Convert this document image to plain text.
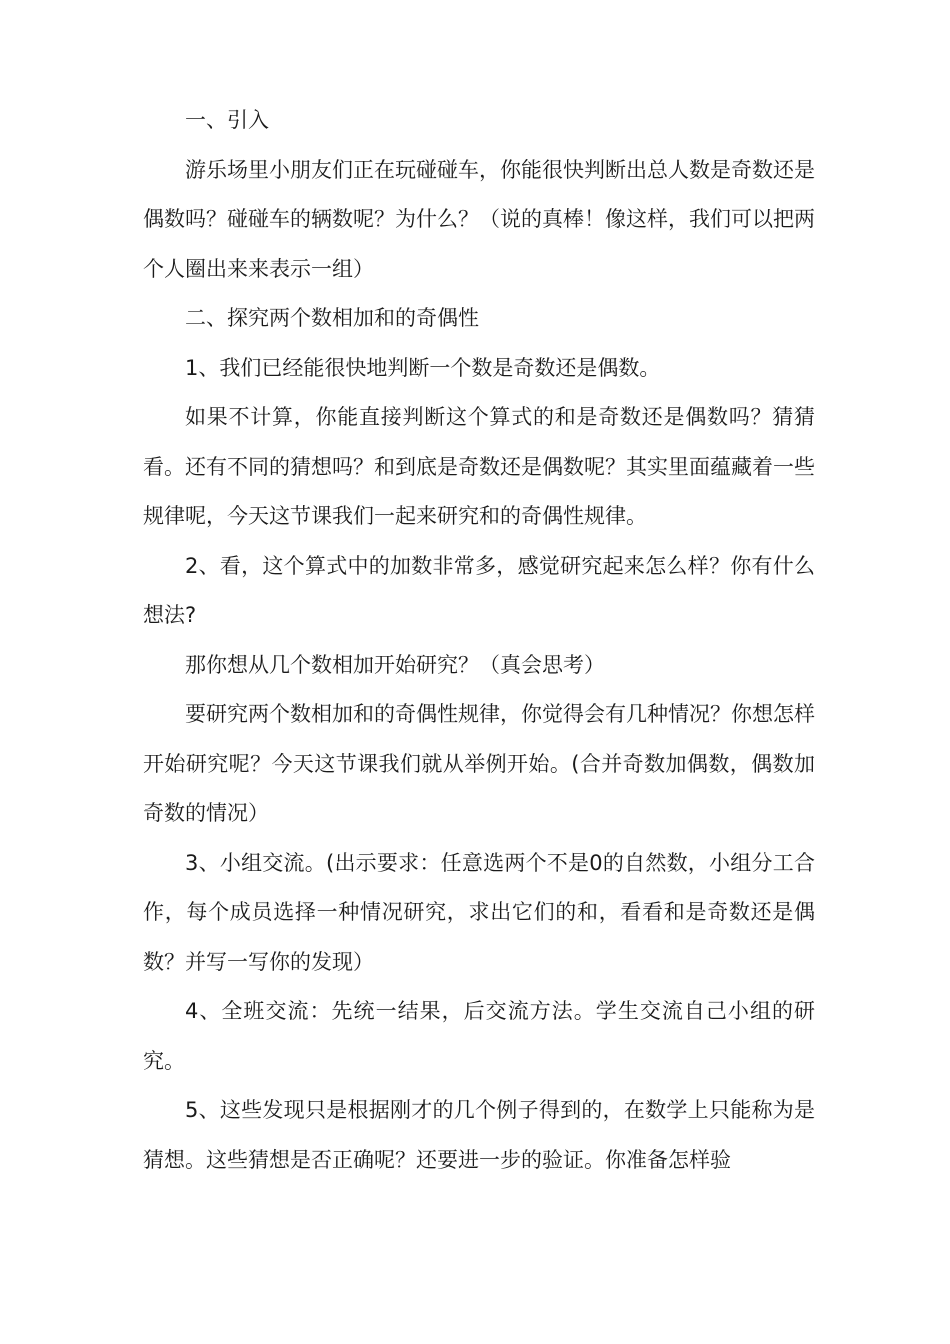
一、引入

游乐场里小朋友们正在玩碰碰车，你能很快判断出总人数是奇数还是偶数吗？碰碰车的辆数呢？为什么？（说的真棒！像这样，我们可以把两个人圈出来来表示一组）

二、探究两个数相加和的奇偶性

1、我们已经能很快地判断一个数是奇数还是偶数。

如果不计算，你能直接判断这个算式的和是奇数还是偶数吗？猜猜看。还有不同的猜想吗？和到底是奇数还是偶数呢？其实里面蕴藏着一些规律呢，今天这节课我们一起来研究和的奇偶性规律。

2、看，这个算式中的加数非常多，感觉研究起来怎么样？你有什么想法?

那你想从几个数相加开始研究？（真会思考）

要研究两个数相加和的奇偶性规律，你觉得会有几种情况？你想怎样开始研究呢？今天这节课我们就从举例开始。(合并奇数加偶数，偶数加奇数的情况）

3、小组交流。(出示要求：任意选两个不是0的自然数，小组分工合作，每个成员选择一种情况研究，求出它们的和，看看和是奇数还是偶数？并写一写你的发现）

4、全班交流：先统一结果，后交流方法。学生交流自己小组的研究。

5、这些发现只是根据刚才的几个例子得到的，在数学上只能称为是猜想。这些猜想是否正确呢？还要进一步的验证。你准备怎样验
